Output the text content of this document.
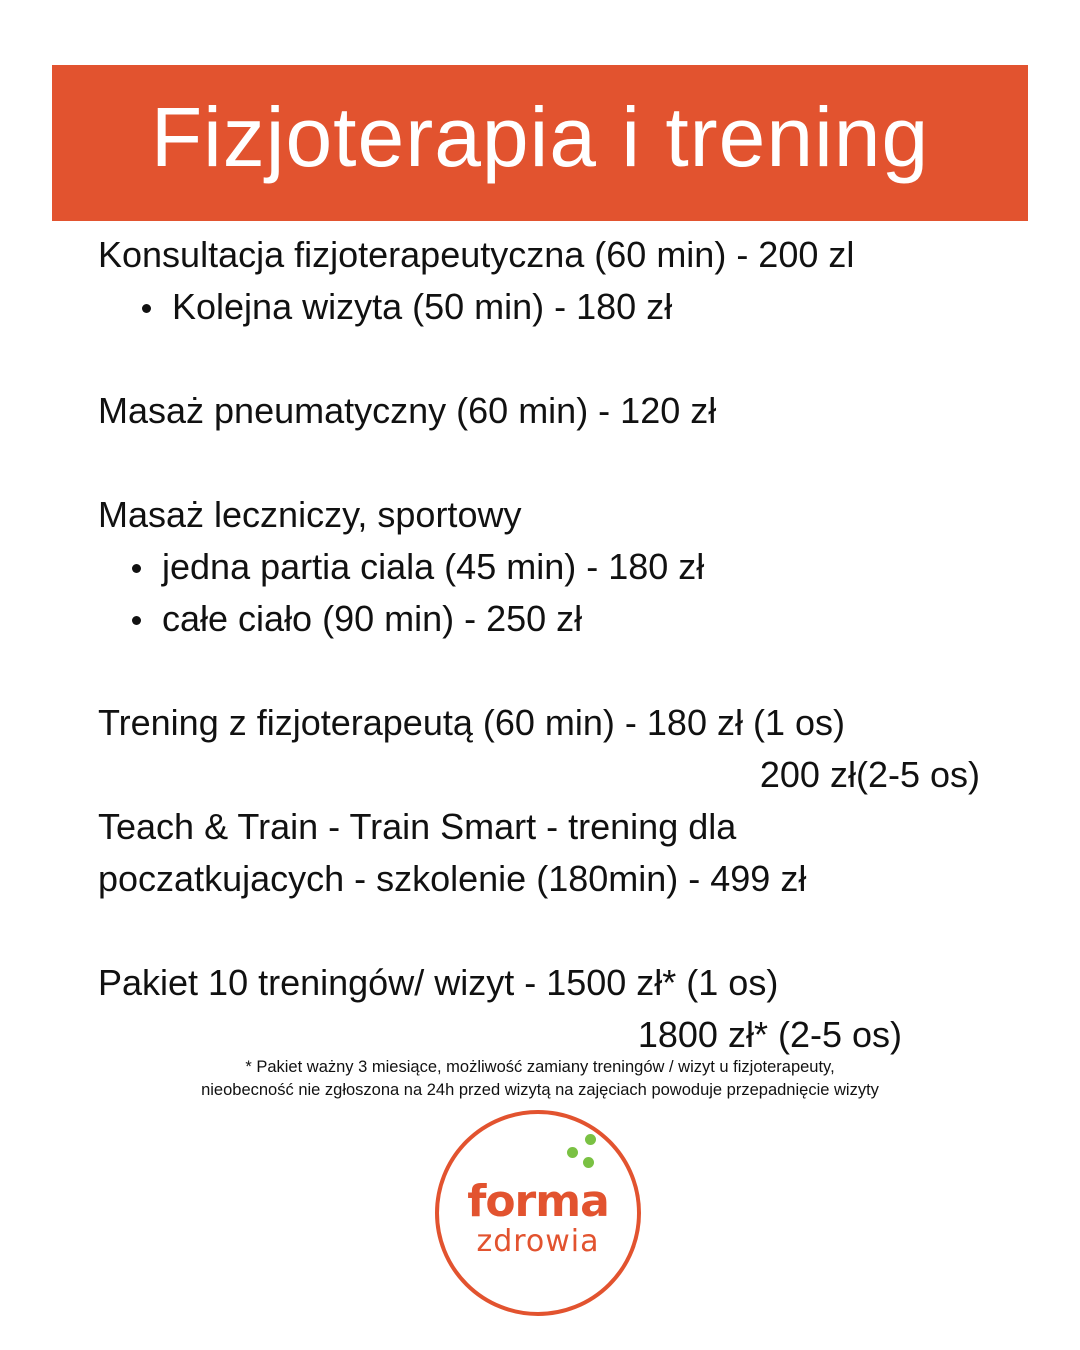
Fizjoterapia i trening
Konsultacja fizjoterapeutyczna (60 min) - 200 zl
Kolejna wizyta (50 min) - 180 zł
Masaż pneumatyczny (60 min) - 120 zł
Masaż leczniczy, sportowy
jedna partia ciala (45 min) - 180 zł
całe ciało (90 min) - 250 zł
Trening z fizjoterapeutą (60 min) - 180 zł (1 os)
200 zł(2-5 os)
Teach & Train - Train Smart - trening dla
poczatkujacych - szkolenie (180min) - 499 zł
Pakiet 10 treningów/ wizyt - 1500 zł* (1 os)
1800 zł* (2-5 os)
* Pakiet ważny 3 miesiące, możliwość zamiany treningów / wizyt u fizjoterapeuty,
nieobecność nie zgłoszona na 24h przed wizytą na zajęciach powoduje przepadnięcie wizyty
forma
zdrowia
